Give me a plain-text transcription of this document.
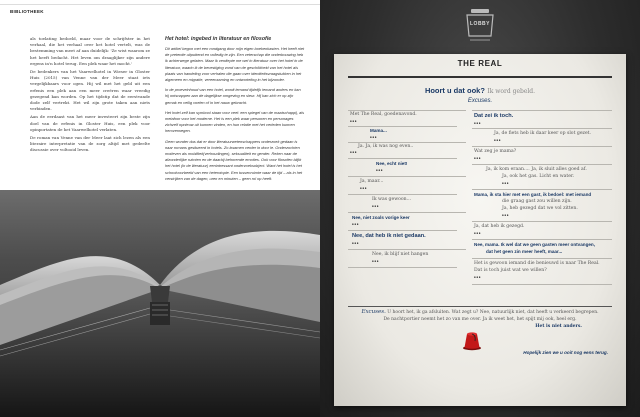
BIBLIOTHEEK

als toelating bedoeld, maar voor de schrijfster in het verhaal, die het verhaal over het hotel vertelt, was de bestemming van meet af aan duidelijk: 'Ze wist waarom ze het heeft bedacht. Het leven om draaglijker zijn andere ergens in'n hotel terug. Een plek waar het mocht.'

De bedenkers van het Vaarwelhotel in Wieser in Gloster Huis (2015) van Venne van der Meer staat iets vergelijkbaars voor ogen. Hij wil met het geld uit een erfenis een plek aan een meer creëren waar vreedig gezegend kan worden. Op het tijdstip dat de eerstvande dode zelf vertrekt. Het wil zijn grote taken aan niets verbinden.

Aan de eerdaast van het meer investeert zijn beste zijn doel van de erfenis in Gloster Huis, een plek voor opinportaten de het Vaarwelhotel verlaten.

De roman van Venne van der Meer laat zich lezen als een literaire interpretatie van de zorg altijd met gedeelte discussie over voltooid leven.

Het hotel: ingebed in literatuur en filosofie

Dit artikel begon met een rondgang door mijn eigen boekenkasten. Het heeft niet de pretentie uitputtend en volledig te zijn. Een veterschap die onderbouwing heb ik achterwege gelaten. Maar ik verdiepte me wel in literatuur over het hotel in de literatuur, waarin ik de bevestiging vond van de geschiktheid van het hotel als plaats van handeling voor verhalen die gaan over identiteitsvraagstukken in het algemeen en migratie, vereenzaming en ontworteling in het bijzonder.

In de proeveinhoud van een hotel, wordt iemand tijdelijk iemand anders en kan hij ontsnappen aan de dagelijkse omgeving en sleur. Hij kan zich er op zijn gemak en veilig voelen of in het nauw gebracht.

Het hotel zelf kan symbool staan voor veel: een spiegel van de maatschappij, als metafoor voor het moderne. Het is een plek waar personen en personages zichzelf opnieuw uit kunnen vinden, en hun relatie met het verleden kunnen heroverwegen.

Geen wonder dus dat er door literatuurwetenschappers onderzoek gedaan is naar romans gesitueerd in hotels. Zo kwamen verder in door le. Onderzochten motieven als mobiliteit(verhoudingen), seksualiteit en gender. Reken naar de afzonderlijke ruimten en de daarbij behorende emoties. Ook voor filosofen blijkt het hotel (in de literatuur) eenintressant onderzoeksobject. Want het hotel is het schoolvoorbeeld van een heterotopie. Een tussenruimte waar de tijd – als in het verstrijken van de dagen, uren en minuten – geen rol op heeft.

LOBBY
THE REAL
Hoort u dat ook? Ik word gebeld.
Excuses.
Met The Real, goedenavond.
•••
Mama...
•••
Ja. Ja, ik was nog even..
•••
Nee, echt niet!
•••
Ja, maar...
•••
Ik was gewoon...
•••
Nee, niet zoals vorige keer
•••
Nee, dat heb ik niet gedaan.
•••
Nee, ik blijf niet hangen
•••
Dat zei ik toch.
•••
Ja, de fiets heb ik daar keer op slot gezet.
•••
Wat zeg je mama?
•••
Ja, ik kom eraan.... Ja, ik sluit alles goed af.
Ja, ook het gas. Licht en water.
•••
Mama, ik sta hier met een gast, ik bedoel: met iemand
die graag gast zou willen zijn.
Ja, heb gezegd dat we vol zitten.
•••
Ja, dat heb ik gezegd.
•••
Nee, mama. Ik wel dat we geen gasten meer ontvangen,
dat het geen zin meer heeft, maar...
Het is gewoon iemand die benieuwd is naar The Real.
Dat is toch juist wat we willen?
•••
Excuses. U hoort het, ik ga afsluiten. Wat zegt u? Nee, natuurlijk niet, dat heeft u verkeerd begrepen.
De nachtportier neemt het zo van me over. Ja ik weet het, het spijt mij ook, heel erg.
Het is niet anders.
Hopelijk zien we u ooit nog eens terug.
